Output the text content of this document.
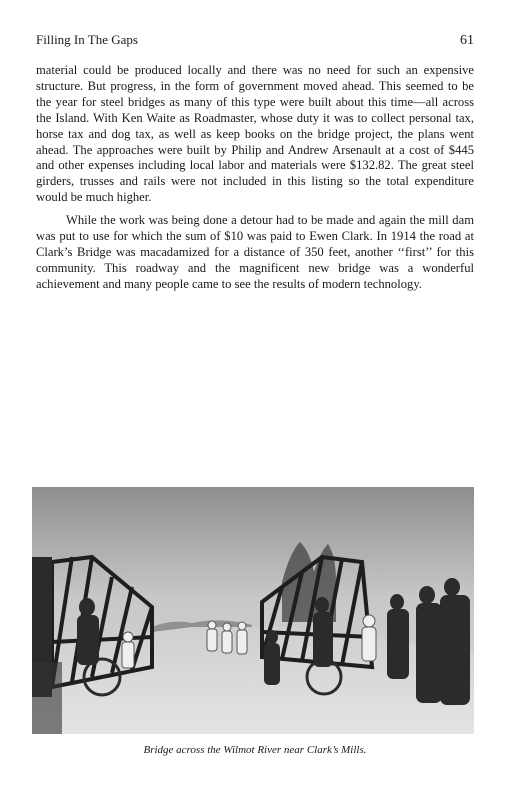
Filling In The Gaps	61

material could be produced locally and there was no need for such an expensive structure. But progress, in the form of government moved ahead. This seemed to be the year for steel bridges as many of this type were built about this time—all across the Island. With Ken Waite as Roadmaster, whose duty it was to collect personal tax, horse tax and dog tax, as well as keep books on the bridge project, the plans went ahead. The approaches were built by Philip and Andrew Arsenault at a cost of $445 and other expenses including local labor and materials were $132.82. The great steel girders, trusses and rails were not included in this listing so the total expenditure would be much higher.

While the work was being done a detour had to be made and again the mill dam was put to use for which the sum of $10 was paid to Ewen Clark. In 1914 the road at Clark’s Bridge was macadamized for a distance of 350 feet, another ‘‘first’’ for this community. This roadway and the magnificent new bridge was a wonderful achievement and many people came to see the results of modern technology.

Bridge across the Wilmot River near Clark’s Mills.
